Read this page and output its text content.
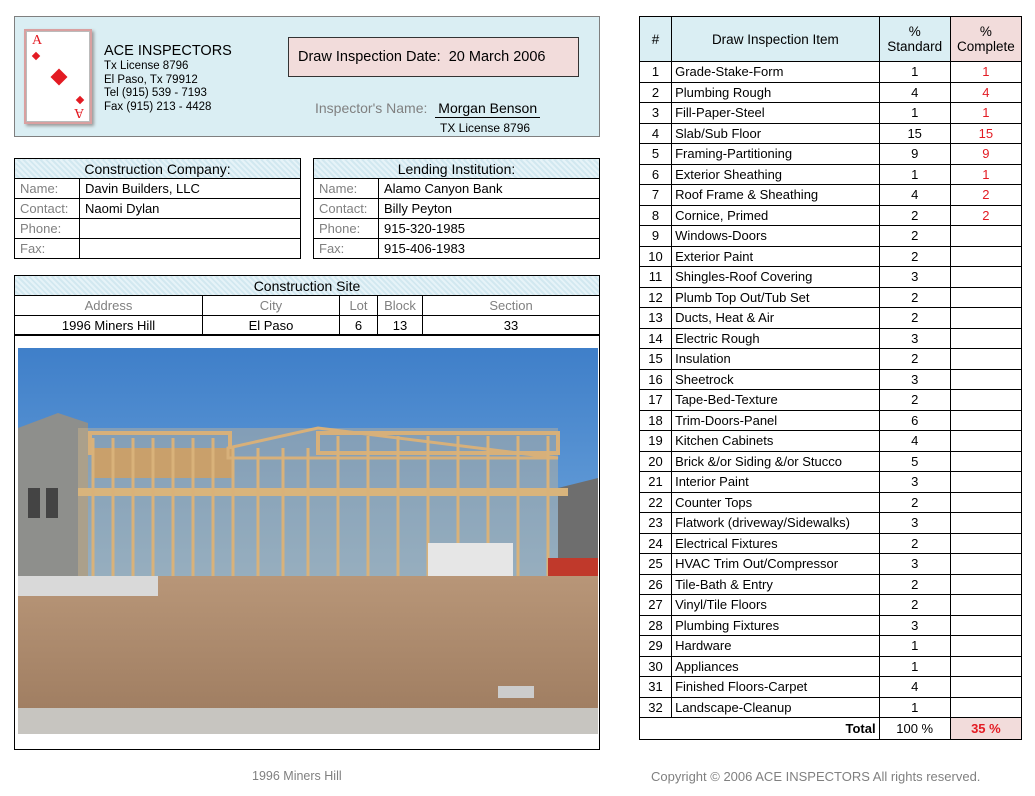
A
A
ACE INSPECTORS
Tx License 8796
El Paso, Tx 79912
Tel (915) 539 - 7193
Fax (915) 213 - 4428
Draw Inspection Date: 20 March 2006
Inspector's Name: Morgan Benson
TX License 8796
Construction Company:	
Name:	Davin Builders, LLC
Contact:	Naomi Dylan
Phone:	
Fax:	
Lending Institution:	
Name:	Alamo Canyon Bank
Contact:	Billy Peyton
Phone:	915-320-1985
Fax:	915-406-1983
Construction Site				
Address	City	Lot	Block	Section
1996 Miners Hill	El Paso	6	13	33
#	Draw Inspection Item	% Standard	% Complete
1	Grade-Stake-Form	1	1
2	Plumbing Rough	4	4
3	Fill-Paper-Steel	1	1
4	Slab/Sub Floor	15	15
5	Framing-Partitioning	9	9
6	Exterior Sheathing	1	1
7	Roof Frame & Sheathing	4	2
8	Cornice, Primed	2	2
9	Windows-Doors	2	
10	Exterior Paint	2	
11	Shingles-Roof Covering	3	
12	Plumb Top Out/Tub Set	2	
13	Ducts, Heat & Air	2	
14	Electric Rough	3	
15	Insulation	2	
16	Sheetrock	3	
17	Tape-Bed-Texture	2	
18	Trim-Doors-Panel	6	
19	Kitchen Cabinets	4	
20	Brick &/or Siding &/or Stucco	5	
21	Interior Paint	3	
22	Counter Tops	2	
23	Flatwork (driveway/Sidewalks)	3	
24	Electrical Fixtures	2	
25	HVAC Trim Out/Compressor	3	
26	Tile-Bath & Entry	2	
27	Vinyl/Tile Floors	2	
28	Plumbing Fixtures	3	
29	Hardware	1	
30	Appliances	1	
31	Finished Floors-Carpet	4	
32	Landscape-Cleanup	1	
Total		100 %	35 %
1996 Miners Hill	Copyright © 2006 ACE INSPECTORS All rights reserved.
